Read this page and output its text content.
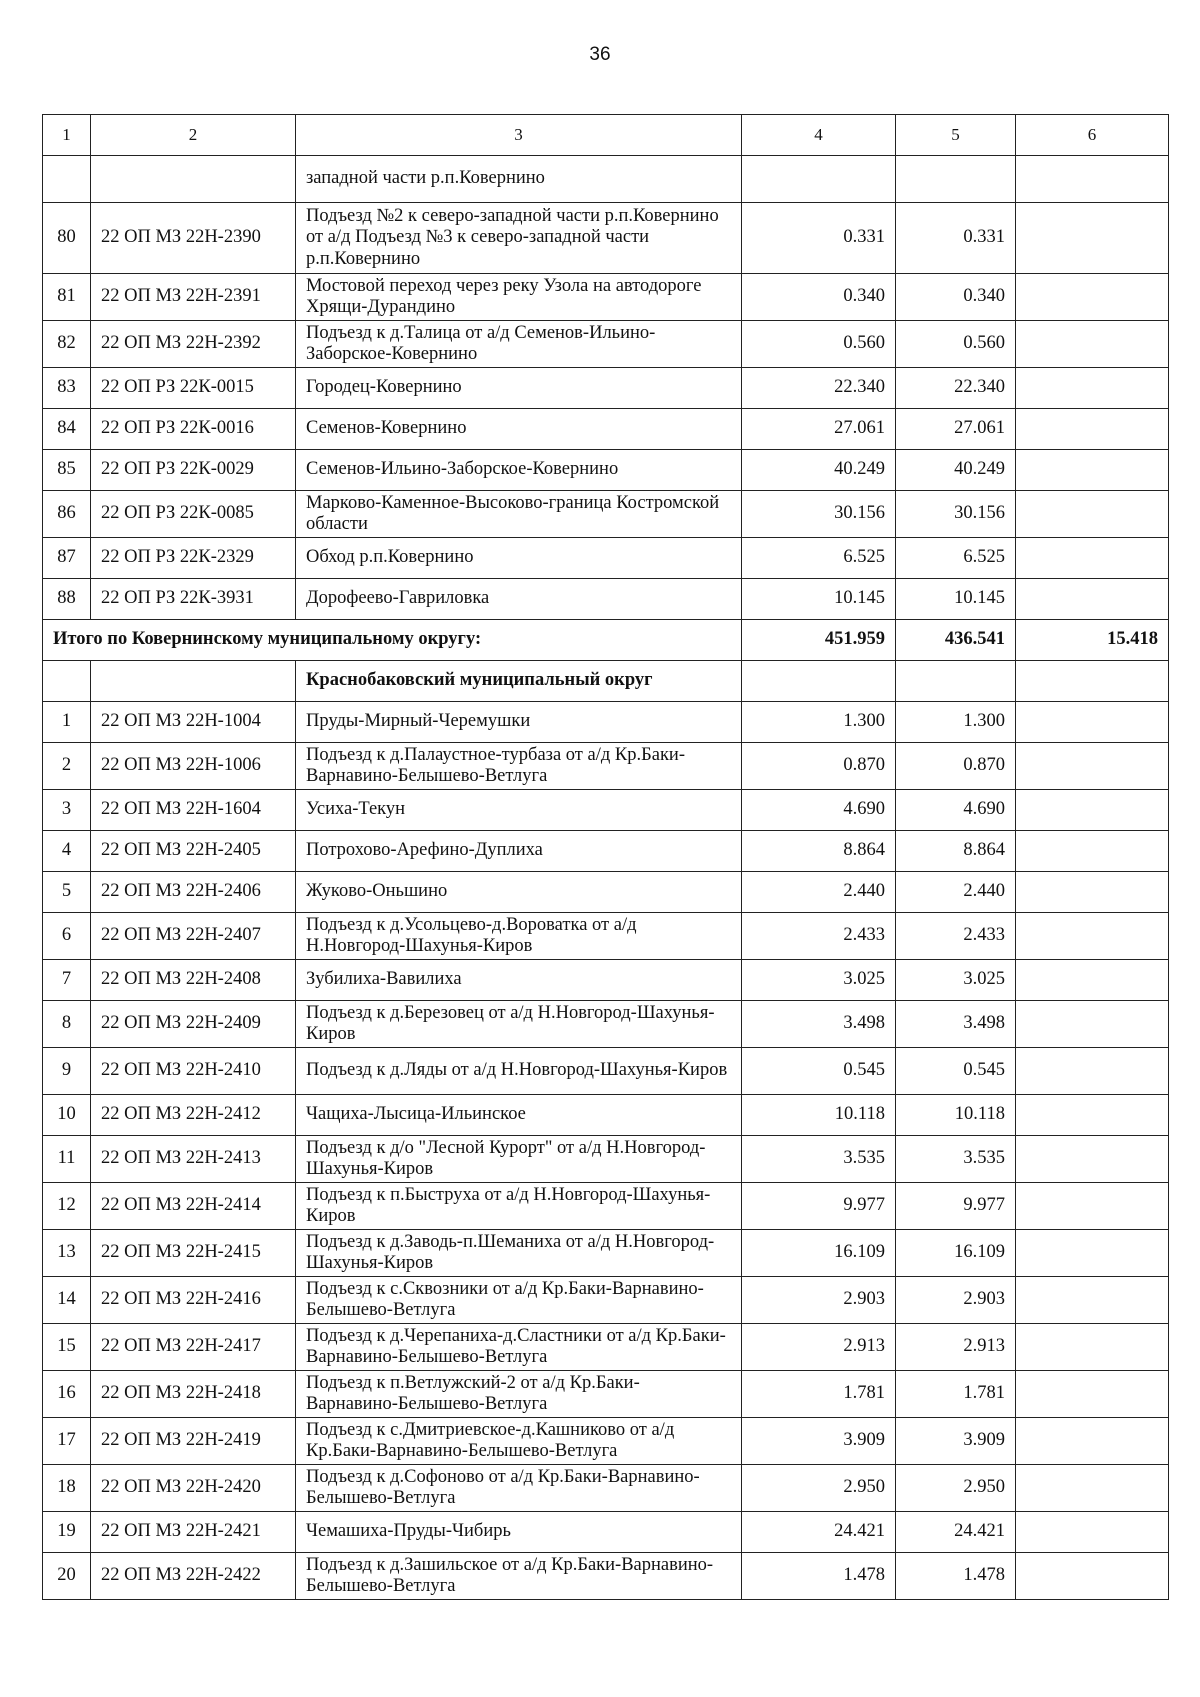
36
1	2	3	4	5	6
		западной части р.п.Ковернино			
80	22 ОП МЗ 22Н-2390	Подъезд №2 к северо-западной части р.п.Ковернино от а/д Подъезд №3 к северо-западной части р.п.Ковернино	0.331	0.331	
81	22 ОП МЗ 22Н-2391	Мостовой переход через реку Узола на автодороге Хрящи-Дурандино	0.340	0.340	
82	22 ОП МЗ 22Н-2392	Подъезд к д.Талица от а/д Семенов-Ильино-Заборское-Ковернино	0.560	0.560	
83	22 ОП РЗ 22К-0015	Городец-Ковернино	22.340	22.340	
84	22 ОП РЗ 22К-0016	Семенов-Ковернино	27.061	27.061	
85	22 ОП РЗ 22К-0029	Семенов-Ильино-Заборское-Ковернино	40.249	40.249	
86	22 ОП РЗ 22К-0085	Марково-Каменное-Высоково-граница Костромской области	30.156	30.156	
87	22 ОП РЗ 22К-2329	Обход р.п.Ковернино	6.525	6.525	
88	22 ОП РЗ 22К-3931	Дорофеево-Гавриловка	10.145	10.145	
Итого по Ковернинскому муниципальному округу:			451.959	436.541	15.418
		Краснобаковский муниципальный округ			
1	22 ОП МЗ 22Н-1004	Пруды-Мирный-Черемушки	1.300	1.300	
2	22 ОП МЗ 22Н-1006	Подъезд к д.Палаустное-турбаза от а/д Кр.Баки-Варнавино-Белышево-Ветлуга	0.870	0.870	
3	22 ОП МЗ 22Н-1604	Усиха-Текун	4.690	4.690	
4	22 ОП МЗ 22Н-2405	Потрохово-Арефино-Дуплиха	8.864	8.864	
5	22 ОП МЗ 22Н-2406	Жуково-Оньшино	2.440	2.440	
6	22 ОП МЗ 22Н-2407	Подъезд к д.Усольцево-д.Вороватка от а/д Н.Новгород-Шахунья-Киров	2.433	2.433	
7	22 ОП МЗ 22Н-2408	Зубилиха-Вавилиха	3.025	3.025	
8	22 ОП МЗ 22Н-2409	Подъезд к д.Березовец от а/д Н.Новгород-Шахунья-Киров	3.498	3.498	
9	22 ОП МЗ 22Н-2410	Подъезд к д.Ляды от а/д Н.Новгород-Шахунья-Киров	0.545	0.545	
10	22 ОП МЗ 22Н-2412	Чащиха-Лысица-Ильинское	10.118	10.118	
11	22 ОП МЗ 22Н-2413	Подъезд к д/о "Лесной Курорт" от а/д Н.Новгород-Шахунья-Киров	3.535	3.535	
12	22 ОП МЗ 22Н-2414	Подъезд к п.Быструха от а/д Н.Новгород-Шахунья-Киров	9.977	9.977	
13	22 ОП МЗ 22Н-2415	Подъезд к д.Заводь-п.Шеманиха от а/д Н.Новгород-Шахунья-Киров	16.109	16.109	
14	22 ОП МЗ 22Н-2416	Подъезд к с.Сквозники от а/д Кр.Баки-Варнавино-Белышево-Ветлуга	2.903	2.903	
15	22 ОП МЗ 22Н-2417	Подъезд к д.Черепаниха-д.Сластники от а/д Кр.Баки-Варнавино-Белышево-Ветлуга	2.913	2.913	
16	22 ОП МЗ 22Н-2418	Подъезд к п.Ветлужский-2 от а/д Кр.Баки-Варнавино-Белышево-Ветлуга	1.781	1.781	
17	22 ОП МЗ 22Н-2419	Подъезд к с.Дмитриевское-д.Кашниково от а/д Кр.Баки-Варнавино-Белышево-Ветлуга	3.909	3.909	
18	22 ОП МЗ 22Н-2420	Подъезд к д.Софоново от а/д Кр.Баки-Варнавино-Белышево-Ветлуга	2.950	2.950	
19	22 ОП МЗ 22Н-2421	Чемашиха-Пруды-Чибирь	24.421	24.421	
20	22 ОП МЗ 22Н-2422	Подъезд к д.Зашильское от а/д Кр.Баки-Варнавино-Белышево-Ветлуга	1.478	1.478	
